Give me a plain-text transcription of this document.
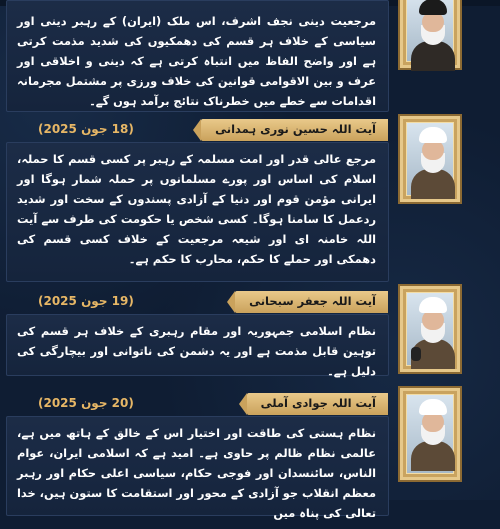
مرجعیت دینی نجف اشرف، اس ملک (ایران) کے رہبر دینی اور سیاسی کے خلاف ہر قسم کی دھمکیوں کی شدید مذمت کرتی ہے اور واضح الفاظ میں انتباہ کرتی ہے کہ دینی و اخلاقی اور عرف و بین الاقوامی قوانین کی خلاف ورزی پر مشتمل مجرمانہ اقدامات سے خطے میں خطرناک نتائج برآمد ہوں گے۔
(18 جون 2025)	آیت اللہ حسین نوری ہمدانی
مرجع عالی قدر اور امت مسلمہ کے رہبر پر کسی قسم کا حملہ، اسلام کی اساس اور پورے مسلمانوں پر حملہ شمار ہوگا اور ایرانی مؤمن قوم اور دنیا کے آزادی پسندوں کے سخت اور شدید ردعمل کا سامنا ہوگا۔ کسی شخص یا حکومت کی طرف سے آیت اللہ خامنہ ای اور شیعہ مرجعیت کے خلاف کسی قسم کی دھمکی اور حملے کا حکم، محارب کا حکم ہے۔
(19 جون 2025)	آیت اللہ جعفر سبحانی
نظام اسلامی جمہوریہ اور مقام رہبری کے خلاف ہر قسم کی توہین قابل مذمت ہے اور یہ دشمن کی ناتوانی اور بیچارگی کی دلیل ہے۔
(20 جون 2025)	آیت اللہ جوادی آملی
نظام ہستی کی طاقت اور اختیار اس کے خالق کے ہاتھ میں ہے، عالمی نظام ظالم پر حاوی ہے۔ امید ہے کہ اسلامی ایران، عوام الناس، سائنسدان اور فوجی حکام، سیاسی اعلی حکام اور رہبر معظم انقلاب جو آزادی کے محور اور استقامت کا ستون ہیں، خدا تعالی کی پناہ میں
